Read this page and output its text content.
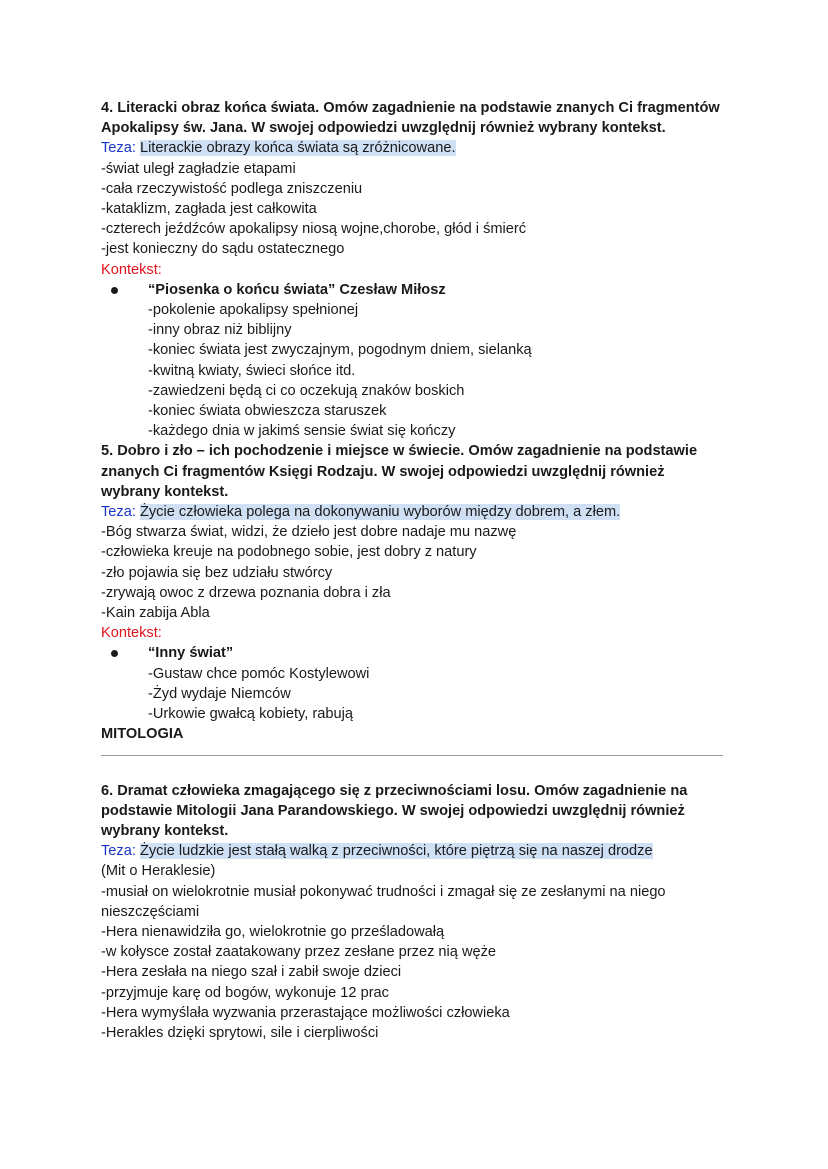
4. Literacki obraz końca świata. Omów zagadnienie na podstawie znanych Ci fragmentów Apokalipsy św. Jana. W swojej odpowiedzi uwzględnij również wybrany kontekst.
Teza: Literackie obrazy końca świata są zróżnicowane.
-świat uległ zagładzie etapami
-cała rzeczywistość podlega zniszczeniu
-kataklizm, zagłada jest całkowita
-czterech jeźdźców apokalipsy niosą wojne,chorobe, głód i śmierć
-jest konieczny do sądu ostatecznego
Kontekst:
“Piosenka o końcu świata” Czesław Miłosz
-pokolenie apokalipsy spełnionej
-inny obraz niż biblijny
-koniec świata jest zwyczajnym, pogodnym dniem, sielanką
-kwitną kwiaty, świeci słońce itd.
-zawiedzeni będą ci co oczekują znaków boskich
-koniec świata obwieszcza staruszek
-każdego dnia w jakimś sensie świat się kończy
5. Dobro i zło – ich pochodzenie i miejsce w świecie. Omów zagadnienie na podstawie znanych Ci fragmentów Księgi Rodzaju. W swojej odpowiedzi uwzględnij również wybrany kontekst.
Teza: Życie człowieka polega na dokonywaniu wyborów między dobrem, a złem.
-Bóg stwarza świat, widzi, że dzieło jest dobre nadaje mu nazwę
-człowieka kreuje na podobnego sobie, jest dobry z natury
-zło pojawia się bez udziału stwórcy
-zrywają owoc z drzewa poznania dobra i zła
-Kain zabija Abla
Kontekst:
“Inny świat”
-Gustaw chce pomóc Kostylewowi
-Żyd wydaje Niemców
-Urkowie gwałcą kobiety, rabują
MITOLOGIA
6. Dramat człowieka zmagającego się z przeciwnościami losu. Omów zagadnienie na podstawie Mitologii Jana Parandowskiego. W swojej odpowiedzi uwzględnij również wybrany kontekst.
Teza: Życie ludzkie jest stałą walką z przeciwności, które piętrzą się na naszej drodze
(Mit o Heraklesie)
-musiał on wielokrotnie musiał pokonywać trudności i zmagał się ze zesłanymi na niego nieszczęściami
-Hera nienawidziła go, wielokrotnie go prześladowałą
-w kołysce został zaatakowany przez zesłane przez nią węże
-Hera zesłała na niego szał i zabił swoje dzieci
-przyjmuje karę od bogów, wykonuje 12 prac
-Hera wymyślała wyzwania przerastające możliwości człowieka
-Herakles dzięki sprytowi, sile i cierpliwości
